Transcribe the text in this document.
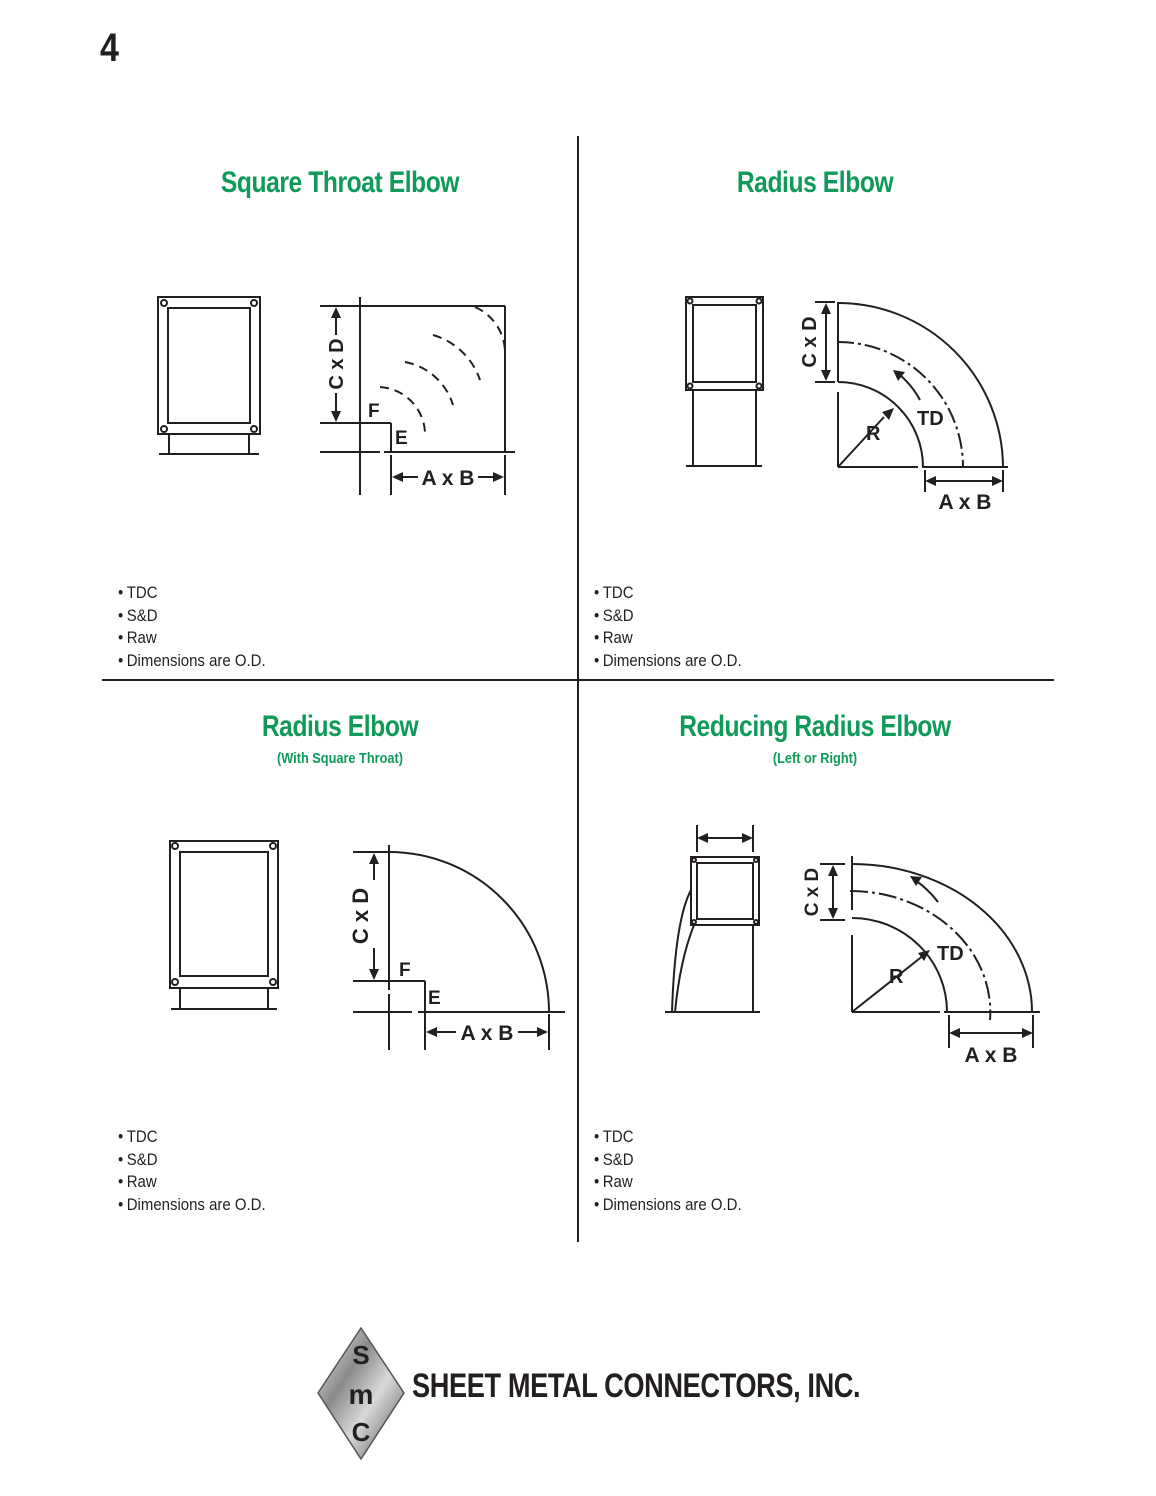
4
Square Throat Elbow
C x D
A x B
F
E
• TDC
• S&D
• Raw
• Dimensions are O.D.
Radius Elbow
C x D
A x B
R
TD
• TDC
• S&D
• Raw
• Dimensions are O.D.
Radius Elbow
(With Square Throat)
C x D
A x B
F
E
• TDC
• S&D
• Raw
• Dimensions are O.D.
Reducing Radius Elbow
(Left or Right)
C x D
A x B
R
TD
• TDC
• S&D
• Raw
• Dimensions are O.D.
S
m
C
SHEET METAL CONNECTORS, INC.
